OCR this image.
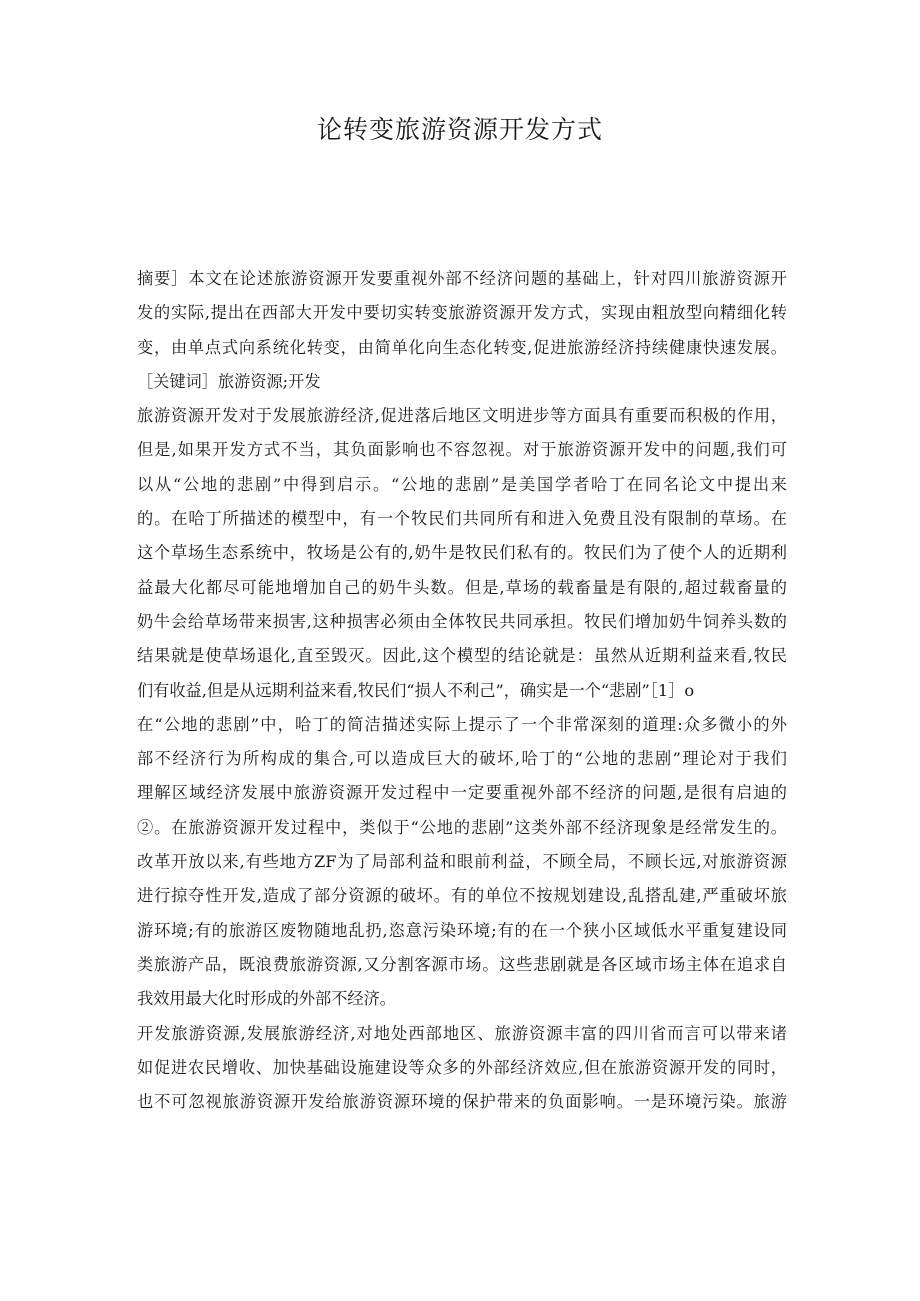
论转变旅游资源开发方式
摘要］本文在论述旅游资源开发要重视外部不经济问题的基础上，针对四川旅游资源开
发的实际,提出在西部大开发中要切实转变旅游资源开发方式，实现由粗放型向精细化转
变，由单点式向系统化转变，由简单化向生态化转变,促进旅游经济持续健康快速发展。
［关键词］旅游资源;开发
旅游资源开发对于发展旅游经济,促进落后地区文明进步等方面具有重要而积极的作用，
但是,如果开发方式不当，其负面影响也不容忽视。对于旅游资源开发中的问题,我们可
以从“公地的悲剧”中得到启示。“公地的悲剧”是美国学者哈丁在同名论文中提出来
的。在哈丁所描述的模型中，有一个牧民们共同所有和进入免费且没有限制的草场。在
这个草场生态系统中，牧场是公有的,奶牛是牧民们私有的。牧民们为了使个人的近期利
益最大化都尽可能地增加自己的奶牛头数。但是,草场的载畜量是有限的,超过载畜量的
奶牛会给草场带来损害,这种损害必须由全体牧民共同承担。牧民们增加奶牛饲养头数的
结果就是使草场退化,直至毁灭。因此,这个模型的结论就是：虽然从近期利益来看,牧民
们有收益,但是从远期利益来看,牧民们“损人不利己”，确实是一个“悲剧”［1］o
在“公地的悲剧”中，哈丁的简洁描述实际上提示了一个非常深刻的道理:众多微小的外
部不经济行为所构成的集合,可以造成巨大的破坏,哈丁的“公地的悲剧”理论对于我们
理解区域经济发展中旅游资源开发过程中一定要重视外部不经济的问题,是很有启迪的
②。在旅游资源开发过程中，类似于“公地的悲剧”这类外部不经济现象是经常发生的。
改革开放以来,有些地方ZF为了局部利益和眼前利益，不顾全局，不顾长远,对旅游资源
进行掠夺性开发,造成了部分资源的破坏。有的单位不按规划建设,乱搭乱建,严重破坏旅
游环境;有的旅游区废物随地乱扔,恣意污染环境;有的在一个狭小区域低水平重复建设同
类旅游产品，既浪费旅游资源,又分割客源市场。这些悲剧就是各区域市场主体在追求自
我效用最大化时形成的外部不经济。
开发旅游资源,发展旅游经济,对地处西部地区、旅游资源丰富的四川省而言可以带来诸
如促进农民增收、加快基础设施建设等众多的外部经济效应,但在旅游资源开发的同时，
也不可忽视旅游资源开发给旅游资源环境的保护带来的负面影响。一是环境污染。旅游
